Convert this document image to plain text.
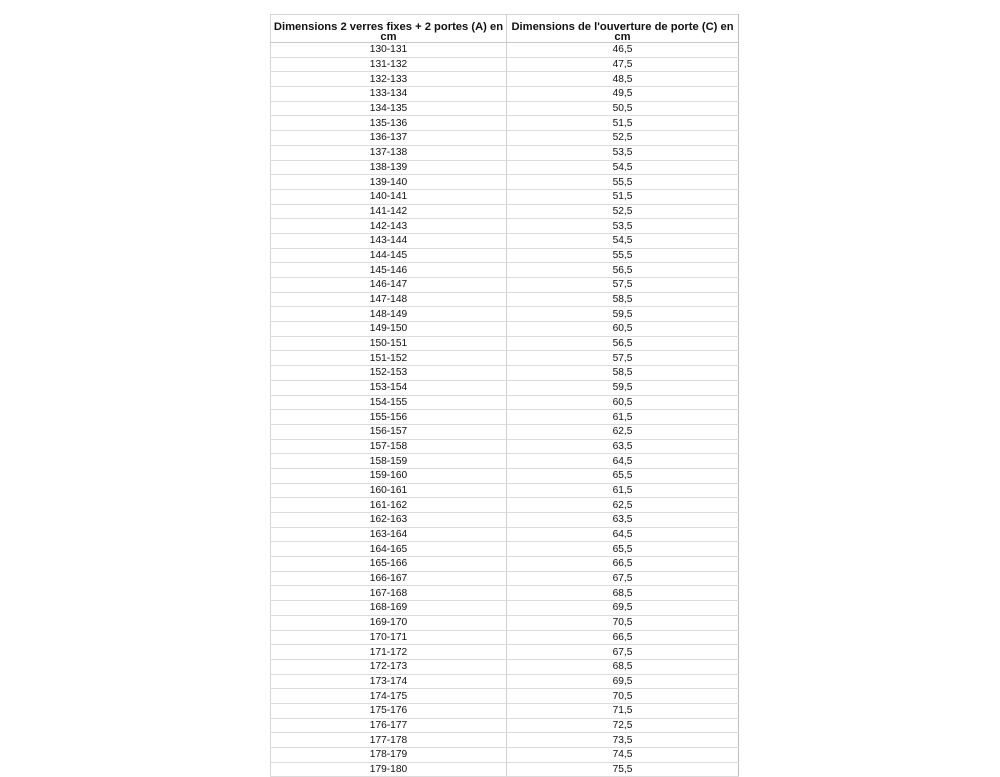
Dimensions 2 verres fixes + 2 portes (A) en cm	Dimensions de l'ouverture de porte (C) en cm
130-131	46,5
131-132	47,5
132-133	48,5
133-134	49,5
134-135	50,5
135-136	51,5
136-137	52,5
137-138	53,5
138-139	54,5
139-140	55,5
140-141	51,5
141-142	52,5
142-143	53,5
143-144	54,5
144-145	55,5
145-146	56,5
146-147	57,5
147-148	58,5
148-149	59,5
149-150	60,5
150-151	56,5
151-152	57,5
152-153	58,5
153-154	59,5
154-155	60,5
155-156	61,5
156-157	62,5
157-158	63,5
158-159	64,5
159-160	65,5
160-161	61,5
161-162	62,5
162-163	63,5
163-164	64,5
164-165	65,5
165-166	66,5
166-167	67,5
167-168	68,5
168-169	69,5
169-170	70,5
170-171	66,5
171-172	67,5
172-173	68,5
173-174	69,5
174-175	70,5
175-176	71,5
176-177	72,5
177-178	73,5
178-179	74,5
179-180	75,5
